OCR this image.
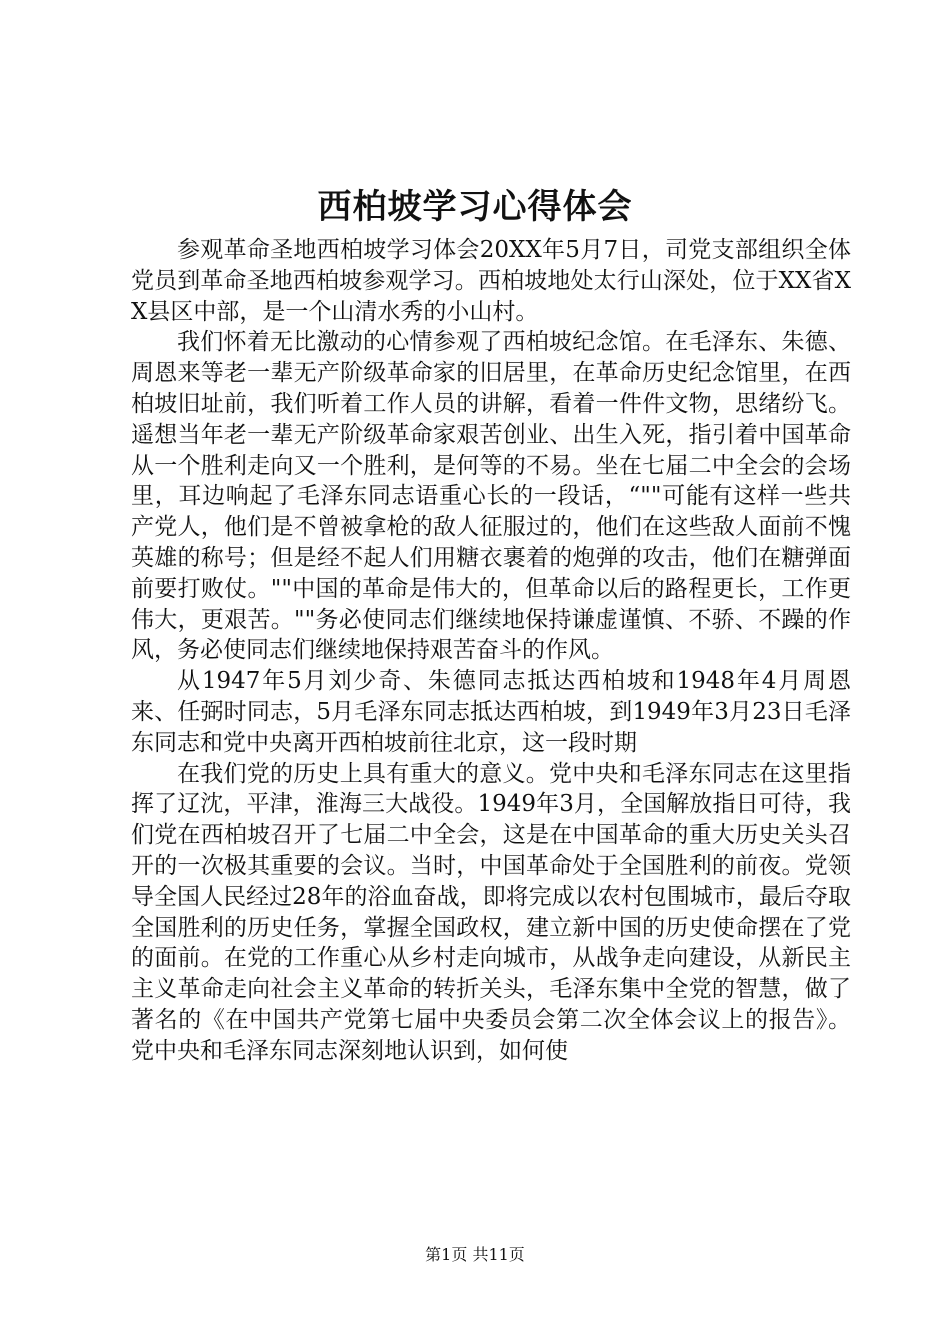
西柏坡学习心得体会

参观革命圣地西柏坡学习体会20XX年5月7日，司党支部组织全体党员到革命圣地西柏坡参观学习。西柏坡地处太行山深处，位于XX省XX县区中部，是一个山清水秀的小山村。

我们怀着无比激动的心情参观了西柏坡纪念馆。在毛泽东、朱德、周恩来等老一辈无产阶级革命家的旧居里，在革命历史纪念馆里，在西柏坡旧址前，我们听着工作人员的讲解，看着一件件文物，思绪纷飞。遥想当年老一辈无产阶级革命家艰苦创业、出生入死，指引着中国革命从一个胜利走向又一个胜利，是何等的不易。坐在七届二中全会的会场里，耳边响起了毛泽东同志语重心长的一段话，“""可能有这样一些共产党人，他们是不曾被拿枪的敌人征服过的，他们在这些敌人面前不愧英雄的称号；但是经不起人们用糖衣裹着的炮弹的攻击，他们在糖弹面前要打败仗。""中国的革命是伟大的，但革命以后的路程更长，工作更伟大，更艰苦。""务必使同志们继续地保持谦虚谨慎、不骄、不躁的作风，务必使同志们继续地保持艰苦奋斗的作风。

从1947年5月刘少奇、朱德同志抵达西柏坡和1948年4月周恩来、任弼时同志，5月毛泽东同志抵达西柏坡，到1949年3月23日毛泽东同志和党中央离开西柏坡前往北京，这一段时期

在我们党的历史上具有重大的意义。党中央和毛泽东同志在这里指挥了辽沈，平津，淮海三大战役。1949年3月，全国解放指日可待，我们党在西柏坡召开了七届二中全会，这是在中国革命的重大历史关头召开的一次极其重要的会议。当时，中国革命处于全国胜利的前夜。党领导全国人民经过28年的浴血奋战，即将完成以农村包围城市，最后夺取全国胜利的历史任务，掌握全国政权，建立新中国的历史使命摆在了党的面前。在党的工作重心从乡村走向城市，从战争走向建设，从新民主主义革命走向社会主义革命的转折关头，毛泽东集中全党的智慧，做了著名的《在中国共产党第七届中央委员会第二次全体会议上的报告》。党中央和毛泽东同志深刻地认识到，如何使

第1页 共11页
